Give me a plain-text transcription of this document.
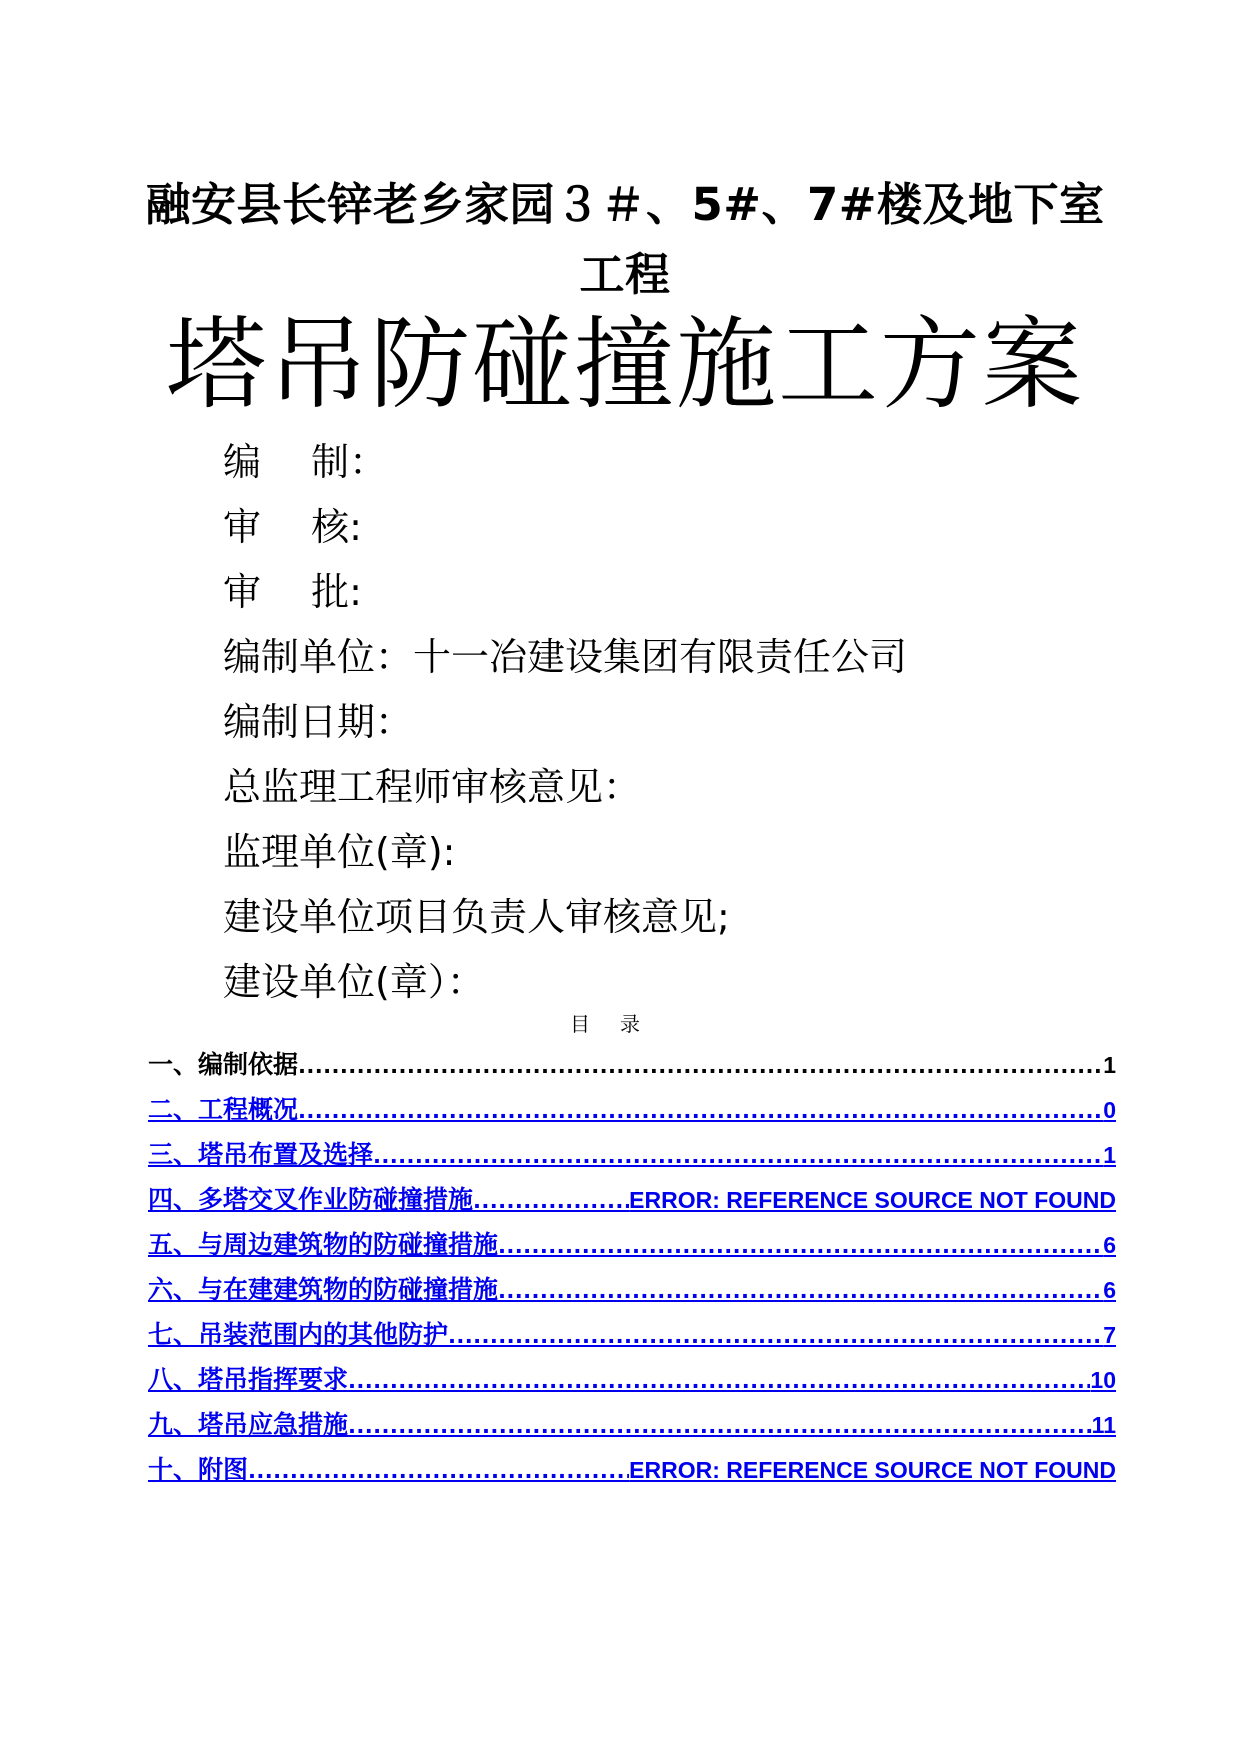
融安县长锌老乡家园３＃、5#、7#楼及地下室工程
塔吊防碰撞施工方案
编　 制：
审　 核:
审　 批:
编制单位：十一冶建设集团有限责任公司
编制日期：
总监理工程师审核意见：
监理单位(章):
建设单位项目负责人审核意见;
建设单位(章）：
目录
一、编制依据 .....	1
二、工程概况 .....	0
三、塔吊布置及选择 .....	1
四、多塔交叉作业防碰撞措施 .....	ERROR: REFERENCE SOURCE NOT FOUND
五、与周边建筑物的防碰撞措施 .....	6
六、与在建建筑物的防碰撞措施 .....	6
七、吊装范围内的其他防护 .....	7
八、塔吊指挥要求 .....	10
九、塔吊应急措施 .....	11
十、附图 .....	ERROR: REFERENCE SOURCE NOT FOUND
